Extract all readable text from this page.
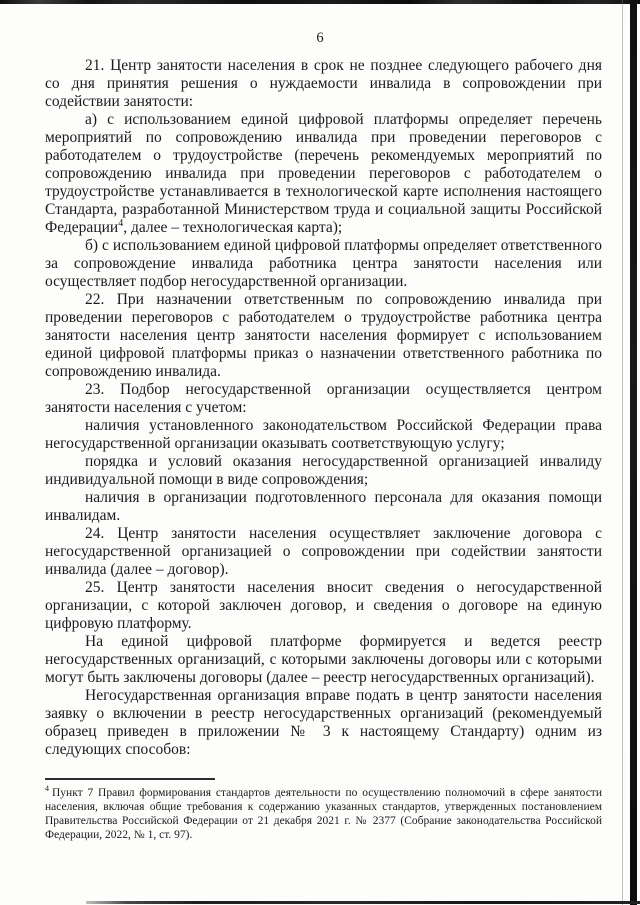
6

21. Центр занятости населения в срок не позднее следующего рабочего дня со дня принятия решения о нуждаемости инвалида в сопровождении при содействии занятости:

а) с использованием единой цифровой платформы определяет перечень мероприятий по сопровождению инвалида при проведении переговоров с работодателем о трудоустройстве (перечень рекомендуемых мероприятий по сопровождению инвалида при проведении переговоров с работодателем о трудоустройстве устанавливается в технологической карте исполнения настоящего Стандарта, разработанной Министерством труда и социальной защиты Российской Федерации$^4$, далее – технологическая карта);

б) с использованием единой цифровой платформы определяет ответственного за сопровождение инвалида работника центра занятости населения или осуществляет подбор негосударственной организации.

22. При назначении ответственным по сопровождению инвалида при проведении переговоров с работодателем о трудоустройстве работника центра занятости населения центр занятости населения формирует с использованием единой цифровой платформы приказ о назначении ответственного работника по сопровождению инвалида.

23. Подбор негосударственной организации осуществляется центром занятости населения с учетом:

наличия установленного законодательством Российской Федерации права негосударственной организации оказывать соответствующую услугу;

порядка и условий оказания негосударственной организацией инвалиду индивидуальной помощи в виде сопровождения;

наличия в организации подготовленного персонала для оказания помощи инвалидам.

24. Центр занятости населения осуществляет заключение договора с негосударственной организацией о сопровождении при содействии занятости инвалида (далее – договор).

25. Центр занятости населения вносит сведения о негосударственной организации, с которой заключен договор, и сведения о договоре на единую цифровую платформу.

На единой цифровой платформе формируется и ведется реестр негосударственных организаций, с которыми заключены договоры или с которыми могут быть заключены договоры (далее – реестр негосударственных организаций).

Негосударственная организация вправе подать в центр занятости населения заявку о включении в реестр негосударственных организаций (рекомендуемый образец приведен в приложении № 3 к настоящему Стандарту) одним из следующих способов:

$^4$ Пункт 7 Правил формирования стандартов деятельности по осуществлению полномочий в сфере занятости населения, включая общие требования к содержанию указанных стандартов, утвержденных постановлением Правительства Российской Федерации от 21 декабря 2021 г. № 2377 (Собрание законодательства Российской Федерации, 2022, № 1, ст. 97).
